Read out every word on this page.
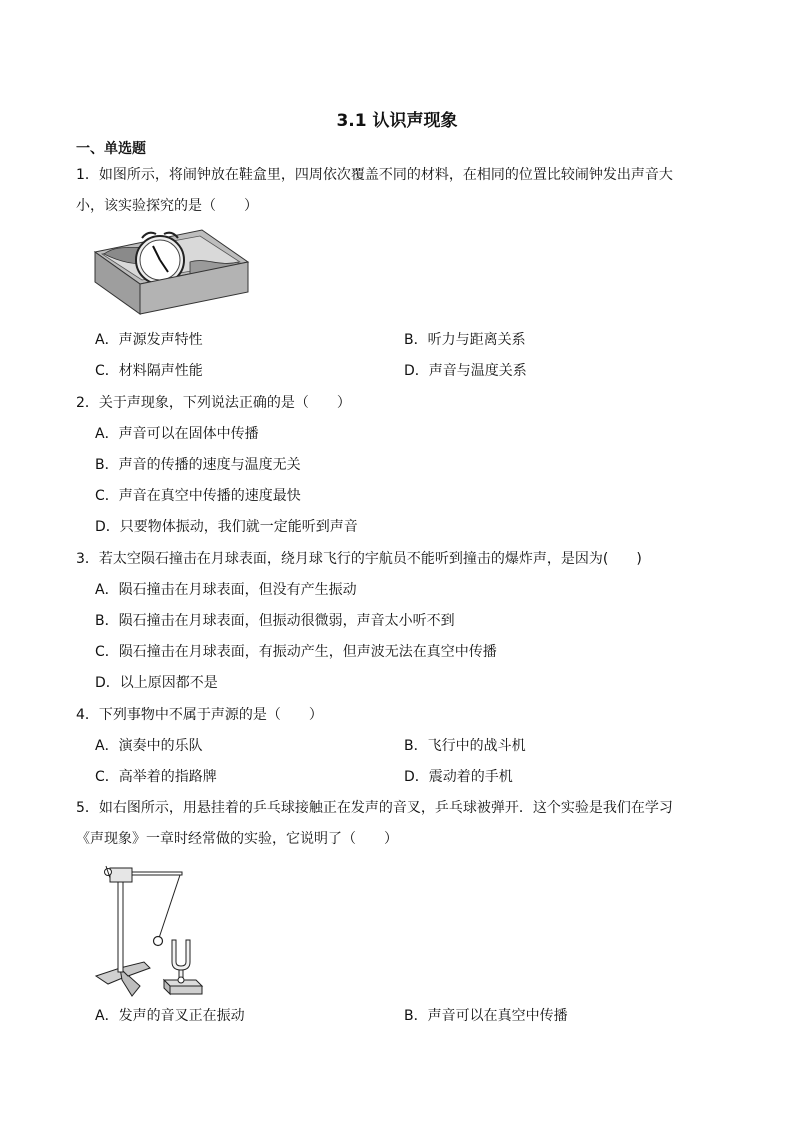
3.1 认识声现象
一、单选题
1．如图所示，将闹钟放在鞋盒里，四周依次覆盖不同的材料，在相同的位置比较闹钟发出声音大
小，该实验探究的是（　　）
A．声源发声特性	B．听力与距离关系
C．材料隔声性能	D．声音与温度关系
2．关于声现象，下列说法正确的是（　　）
A．声音可以在固体中传播
B．声音的传播的速度与温度无关
C．声音在真空中传播的速度最快
D．只要物体振动，我们就一定能听到声音
3．若太空陨石撞击在月球表面，绕月球飞行的宇航员不能听到撞击的爆炸声，是因为(　　)
A．陨石撞击在月球表面，但没有产生振动
B．陨石撞击在月球表面，但振动很微弱，声音太小听不到
C．陨石撞击在月球表面，有振动产生，但声波无法在真空中传播
D．以上原因都不是
4．下列事物中不属于声源的是（　　）
A．演奏中的乐队	B．飞行中的战斗机
C．高举着的指路牌	D．震动着的手机
5．如右图所示，用悬挂着的乒乓球接触正在发声的音叉，乒乓球被弹开．这个实验是我们在学习
《声现象》一章时经常做的实验，它说明了（　　）
A．发声的音叉正在振动	B．声音可以在真空中传播
